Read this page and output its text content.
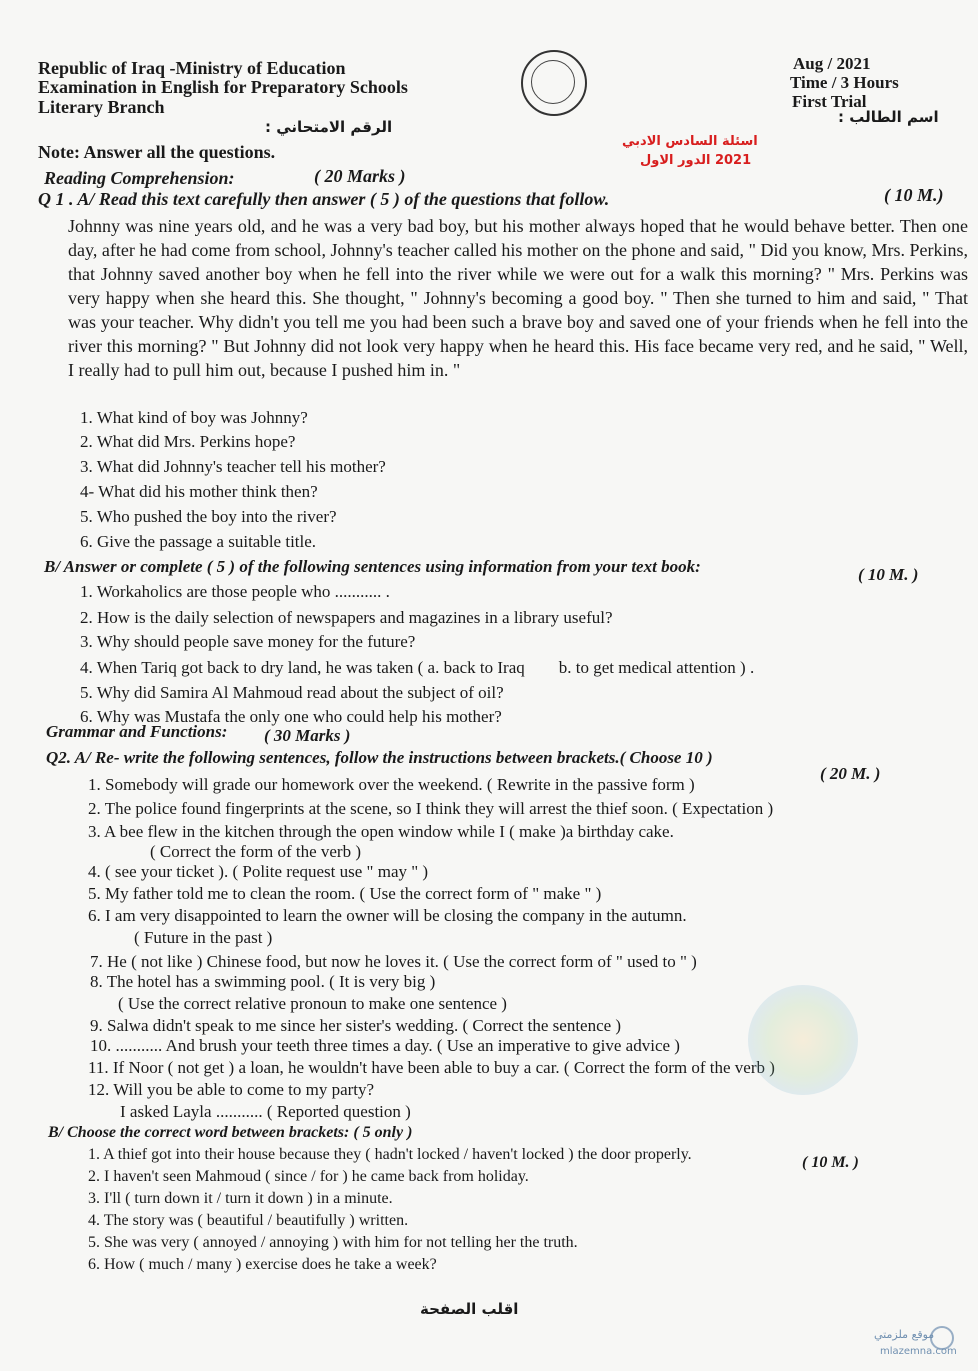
Republic of Iraq -Ministry of Education
Examination in English for Preparatory Schools
Literary Branch
الرقم الامتحاني :
Aug / 2021
Time / 3 Hours
First Trial
اسم الطالب :
اسئلة السادس الادبي
2021 الدور الاول
Note: Answer all the questions.
Reading Comprehension:	( 20 Marks )
Q 1 . A/ Read this text carefully then answer ( 5 ) of the questions that follow.	( 10 M.)
Johnny was nine years old, and he was a very bad boy, but his mother always hoped that he would behave better. Then one day, after he had come from school, Johnny's teacher called his mother on the phone and said, " Did you know, Mrs. Perkins, that Johnny saved another boy when he fell into the river while we were out for a walk this morning? " Mrs. Perkins was very happy when she heard this. She thought, " Johnny's becoming a good boy. " Then she turned to him and said, " That was your teacher. Why didn't you tell me you had been such a brave boy and saved one of your friends when he fell into the river this morning? " But Johnny did not look very happy when he heard this. His face became very red, and he said, " Well, I really had to pull him out, because I pushed him in. "
1. What kind of boy was Johnny?
2. What did Mrs. Perkins hope?
3. What did Johnny's teacher tell his mother?
4- What did his mother think then?
5. Who pushed the boy into the river?
6. Give the passage a suitable title.
B/ Answer or complete ( 5 ) of the following sentences using information from your text book:	( 10 M. )
1. Workaholics are those people who ........... .
2. How is the daily selection of newspapers and magazines in a library useful?
3. Why should people save money for the future?
4. When Tariq got back to dry land, he was taken ( a. back to Iraq        b. to get medical attention ) .
5. Why did Samira Al Mahmoud read about the subject of oil?
6. Why was Mustafa the only one who could help his mother?
Grammar and Functions: ( 30 Marks )
Q2. A/ Re- write the following sentences, follow the instructions between brackets.( Choose 10 )
( 20 M. )
1. Somebody will grade our homework over the weekend. ( Rewrite in the passive form )
2. The police found fingerprints at the scene, so I think they will arrest the thief soon. ( Expectation )
3. A bee flew in the kitchen through the open window while I ( make )a birthday cake.
( Correct the form of the verb )
4. ( see your ticket ). ( Polite request use " may " )
5. My father told me to clean the room. ( Use the correct form of " make " )
6. I am very disappointed to learn the owner will be closing the company in the autumn.
( Future in the past )
7. He ( not like ) Chinese food, but now he loves it. ( Use the correct form of " used to " )
8. The hotel has a swimming pool. ( It is very big )
( Use the correct relative pronoun to make one sentence )
9. Salwa didn't speak to me since her sister's wedding. ( Correct the sentence )
10. ........... And brush your teeth three times a day. ( Use an imperative to give advice )
11. If Noor ( not get ) a loan, he wouldn't have been able to buy a car. ( Correct the form of the verb )
12. Will you be able to come to my party?
I asked Layla ........... ( Reported question )
B/ Choose the correct word between brackets: ( 5 only )
( 10 M. )
1. A thief got into their house because they ( hadn't locked / haven't locked ) the door properly.
2. I haven't seen Mahmoud ( since / for ) he came back from holiday.
3. I'll ( turn down it / turn it down ) in a minute.
4. The story was ( beautiful / beautifully ) written.
5. She was very ( annoyed / annoying ) with him for not telling her the truth.
6. How ( much / many ) exercise does he take a week?
اقلب الصفحة
موقع ملزمتي
mlazemna.com
